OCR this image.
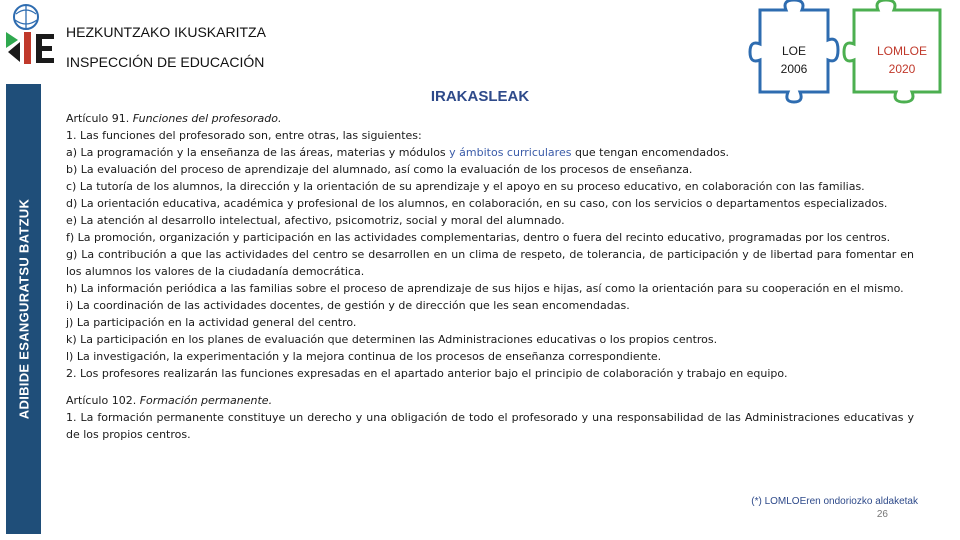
ADIBIDE ESANGURATSU BATZUK
HEZKUNTZAKO IKUSKARITZA
INSPECCIÓN DE EDUCACIÓN
IRAKASLEAK
LOE
2006
LOMLOE
2020

Artículo 91. Funciones del profesorado.

1. Las funciones del profesorado son, entre otras, las siguientes:

a) La programación y la enseñanza de las áreas, materias y módulos y ámbitos curriculares que tengan encomendados.

b) La evaluación del proceso de aprendizaje del alumnado, así como la evaluación de los procesos de enseñanza.

c) La tutoría de los alumnos, la dirección y la orientación de su aprendizaje y el apoyo en su proceso educativo, en colaboración con las familias.

d) La orientación educativa, académica y profesional de los alumnos, en colaboración, en su caso, con los servicios o departamentos especializados.

e) La atención al desarrollo intelectual, afectivo, psicomotriz, social y moral del alumnado.

f) La promoción, organización y participación en las actividades complementarias, dentro o fuera del recinto educativo, programadas por los centros.

g) La contribución a que las actividades del centro se desarrollen en un clima de respeto, de tolerancia, de participación y de libertad para fomentar en los alumnos los valores de la ciudadanía democrática.

h) La información periódica a las familias sobre el proceso de aprendizaje de sus hijos e hijas, así como la orientación para su cooperación en el mismo.

i) La coordinación de las actividades docentes, de gestión y de dirección que les sean encomendadas.

j) La participación en la actividad general del centro.

k) La participación en los planes de evaluación que determinen las Administraciones educativas o los propios centros.

l) La investigación, la experimentación y la mejora continua de los procesos de enseñanza correspondiente.

2. Los profesores realizarán las funciones expresadas en el apartado anterior bajo el principio de colaboración y trabajo en equipo.

Artículo 102. Formación permanente.

1. La formación permanente constituye un derecho y una obligación de todo el profesorado y una responsabilidad de las Administraciones educativas y de los propios centros.

(*) LOMLOEren ondoriozko aldaketak
26
